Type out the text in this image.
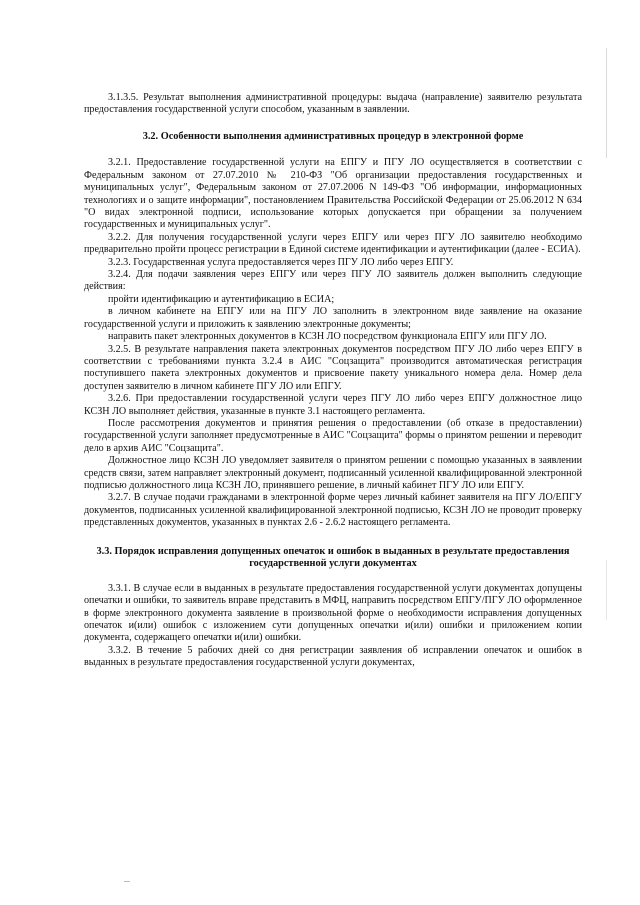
3.1.3.5. Результат выполнения административной процедуры: выдача (направление) заявителю результата предоставления государственной услуги способом, указанным в заявлении.

3.2. Особенности выполнения административных процедур в электронной форме

3.2.1. Предоставление государственной услуги на ЕПГУ и ПГУ ЛО осуществляется в соответствии с Федеральным законом от 27.07.2010 № 210-ФЗ "Об организации предоставления государственных и муниципальных услуг", Федеральным законом от 27.07.2006 N 149-ФЗ "Об информации, информационных технологиях и о защите информации", постановлением Правительства Российской Федерации от 25.06.2012 N 634 "О видах электронной подписи, использование которых допускается при обращении за получением государственных и муниципальных услуг".

3.2.2. Для получения государственной услуги через ЕПГУ или через ПГУ ЛО заявителю необходимо предварительно пройти процесс регистрации в Единой системе идентификации и аутентификации (далее - ЕСИА).

3.2.3. Государственная услуга предоставляется через ПГУ ЛО либо через ЕПГУ.

3.2.4. Для подачи заявления через ЕПГУ или через ПГУ ЛО заявитель должен выполнить следующие действия:

пройти идентификацию и аутентификацию в ЕСИА;

в личном кабинете на ЕПГУ или на ПГУ ЛО заполнить в электронном виде заявление на оказание государственной услуги и приложить к заявлению электронные документы;

направить пакет электронных документов в КСЗН ЛО посредством функционала ЕПГУ или ПГУ ЛО.

3.2.5. В результате направления пакета электронных документов посредством ПГУ ЛО либо через ЕПГУ в соответствии с требованиями пункта 3.2.4 в АИС "Соцзащита" производится автоматическая регистрация поступившего пакета электронных документов и присвоение пакету уникального номера дела. Номер дела доступен заявителю в личном кабинете ПГУ ЛО или ЕПГУ.

3.2.6. При предоставлении государственной услуги через ПГУ ЛО либо через ЕПГУ должностное лицо КСЗН ЛО выполняет действия, указанные в пункте 3.1 настоящего регламента.

После рассмотрения документов и принятия решения о предоставлении (об отказе в предоставлении) государственной услуги заполняет предусмотренные в АИС "Соцзащита" формы о принятом решении и переводит дело в архив АИС "Соцзащита".

Должностное лицо КСЗН ЛО уведомляет заявителя о принятом решении с помощью указанных в заявлении средств связи, затем направляет электронный документ, подписанный усиленной квалифицированной электронной подписью должностного лица КСЗН ЛО, принявшего решение, в личный кабинет ПГУ ЛО или ЕПГУ.

3.2.7. В случае подачи гражданами в электронной форме через личный кабинет заявителя на ПГУ ЛО/ЕПГУ документов, подписанных усиленной квалифицированной электронной подписью, КСЗН ЛО не проводит проверку представленных документов, указанных в пунктах 2.6 - 2.6.2 настоящего регламента.

3.3. Порядок исправления допущенных опечаток и ошибок в выданных в результате предоставления государственной услуги документах

3.3.1. В случае если в выданных в результате предоставления государственной услуги документах допущены опечатки и ошибки, то заявитель вправе представить в МФЦ, направить посредством ЕПГУ/ПГУ ЛО оформленное в форме электронного документа заявление в произвольной форме о необходимости исправления допущенных опечаток и(или) ошибок с изложением сути допущенных опечатки и(или) ошибки и приложением копии документа, содержащего опечатки и(или) ошибки.

3.3.2. В течение 5 рабочих дней со дня регистрации заявления об исправлении опечаток и ошибок в выданных в результате предоставления государственной услуги документах,
